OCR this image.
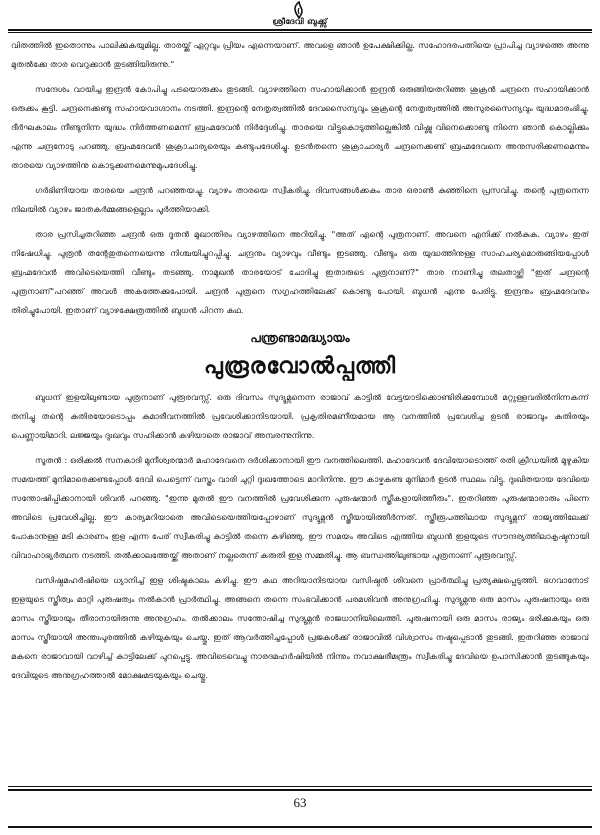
ശ്രീദേവി ബുക്ക്സ്

വിതത്തിൽ ഇതൊന്നും പാലിക്കുകയുമില്ല. താരയ്ക്ക് ഏറ്റവും പ്രിയം എന്നെയാണ്. അവളെ ഞാൻ ഉപേക്ഷിക്കില്ല. സഹോദരപത്നിയെ പ്രാപിച്ച വ്യാഴത്തെ അന്നു മുതൽക്കേ താര വെറുക്കാൻ തുടങ്ങിയിരുന്നു."

സന്ദേശം വായിച്ച ഇന്ദ്രൻ കോപിച്ചു പടയൊരുക്കം തുടങ്ങി. വ്യാഴത്തിനെ സഹായിക്കാൻ ഇന്ദ്രൻ ഒരുങ്ങിയതറിഞ്ഞ ശുക്രൻ ചന്ദ്രനെ സഹായിക്കാൻ ഒരുക്കം കൂട്ടി. ചന്ദ്രനെക്കണ്ടു സഹായവാഗ്ദാനം നടത്തി. ഇന്ദ്രന്റെ നേതൃത്വത്തിൽ ദേവസൈന്യവും ശുക്രന്റെ നേതൃത്വത്തിൽ അസുരസൈന്യവും യുദ്ധമാരംഭിച്ചു. ദീർഘകാലം നീണ്ടുനിന്ന യുദ്ധം നിർത്തണമെന്ന് ബ്രഹ്മദേവൻ നിർദ്ദേശിച്ചു. താരയെ വിട്ടുകൊടുത്തില്ലെങ്കിൽ വിഷ്ണു വിനെക്കൊണ്ടു നിന്നെ ഞാൻ കൊല്ലിക്കും എന്നു ചന്ദ്രനോടു പറഞ്ഞു. ബ്രഹ്മദേവൻ ശുക്രാചാര്യരെയും കണ്ടുപദേശിച്ചു. ഉടൻതന്നെ ശുക്രാചാര്യർ ചന്ദ്രനെക്കണ്ട് ബ്രഹ്മദേവനെ അനുസരിക്കണമെന്നും താരയെ വ്യാഴത്തിനു കൊടുക്കണമെന്നുമുപദേശിച്ചു.

ഗർഭിണിയായ താരയെ ചന്ദ്രൻ പറഞ്ഞയച്ചു. വ്യാഴം താരയെ സ്വീകരിച്ചു. ദിവസങ്ങൾക്കകം താര ഒരാൺ കുഞ്ഞിനെ പ്രസവിച്ചു. തന്റെ പുത്രനെന്ന നിലയിൽ വ്യാഴം ജാതകർമ്മങ്ങളെല്ലാം പൂർത്തിയാക്കി.

താര പ്രസിച്ചതറിഞ്ഞ ചന്ദ്രൻ ഒരു ദൂതൻ മുഖാന്തിരം വ്യാഴത്തിനെ അറിയിച്ചു. "അത് എന്റെ പുത്രനാണ്. അവനെ എനിക്ക് നൽകുക. വ്യാഴം ഇത് നിഷേധിച്ചു. പുത്രൻ തന്റേതുതന്നെയെന്നു നിശ്ചയിച്ചുറപ്പിച്ചു. ചന്ദ്രനും വ്യാഴവും വീണ്ടും ഇടഞ്ഞു. വീണ്ടും ഒരു യുദ്ധത്തിനുള്ള സാഹചര്യമൊരുങ്ങിയപ്പോൾ ബ്രഹ്മദേവൻ അവിടെയെത്തി വീണ്ടും തടഞ്ഞു. നാമുഖൻ താരയോട് ചോദിച്ചു ഇതാരുടെ പുത്രനാണ്?" താര നാണിച്ചു തലതാഴ്ത്തി "ഇത് ചന്ദ്രന്റെ പുത്രനാണ്"പറഞ്ഞ് അവൾ അകത്തേക്കുപോയി. ചന്ദ്രൻ പുത്രനെ സഗൃഹത്തിലേക്ക് കൊണ്ടു പോയി. ബുധൻ എന്നു പേരിട്ടു. ഇന്ദ്രനും ബ്രഹ്മദേവനും തിരിച്ചുപോയി. ഇതാണ് വ്യാഴക്ഷേത്രത്തിൽ ബുധൻ പിറന്ന കഥ.

പന്ത്രണ്ടാമദ്ധ്യായം
പുരൂരവോൽപ്പത്തി

ബുധന് ഇളയിലുണ്ടായ പുത്രനാണ് പുരൂരവസ്സ്. ഒരു ദിവസം സുദ്യുമ്നനെന്ന രാജാവ് കാട്ടിൽ വേട്ടയാടിക്കൊണ്ടിരിക്കുമ്പോൾ മറ്റുള്ളവരിൽനിന്നകന്ന് തനിച്ചു തന്റെ കുതിരയോടൊപ്പം കുമാരീവനത്തിൽ പ്രവേശിക്കാനിടയായി. പ്രകൃതിരമണീയമായ ആ വനത്തിൽ പ്രവേശിച്ച ഉടൻ രാജാവും കുതിരയും പെണ്ണായിമാറി. ലജ്ജയും ദുഃഖവും സഹിക്കാൻ കഴിയാതെ രാജാവ് അമ്പരന്നുനിന്നു.

സൂതൻ : ഒരിക്കൽ സനകാദി മുനീശ്വരന്മാർ മഹാദേവനെ ദർശിക്കാനായി ഈ വനത്തിലെത്തി. മഹാദേവൻ ദേവിയോടൊത്ത് രതി ക്രീഡയിൽ മുഴുകിയ സമയത്ത് മുനിമാരെക്കണ്ടപ്പോൾ ദേവി പെട്ടെന്ന് വസ്ത്രം വാരി ചുറ്റി ദുഃഖത്തോടെ മാറിനിന്നു. ഈ കാഴ്ചകണ്ട മുനിമാർ ഉടൻ സ്ഥലം വിട്ടു. ദുഃഖിതയായ ദേവിയെ സന്തോഷിപ്പിക്കാനായി ശിവൻ പറഞ്ഞു. "ഇന്നു മുതൽ ഈ വനത്തിൽ പ്രവേശിക്കുന്ന പുരുഷന്മാർ സ്ത്രീകളായിത്തീരും". ഇതറിഞ്ഞ പുരുഷന്മാരാരും പിന്നെ അവിടെ പ്രവേശിച്ചില്ല. ഈ കാര്യമറിയാതെ അവിടെയെത്തിയപ്പോഴാണ് സുദ്യുമ്നൻ സ്ത്രീയായിത്തീർന്നത്. സ്ത്രീരൂപത്തിലായ സുദ്യുമ്നന് രാജ്യത്തിലേക്ക് പോകാനുള്ള മടി കാരണം ഇള എന്ന പേര് സ്വീകരിച്ചു കാട്ടിൽ തന്നെ കഴിഞ്ഞു. ഈ സമയം അവിടെ എത്തിയ ബുധൻ ഇളയുടെ സൗന്ദര്യത്തിലാകൃഷ്ടനായി വിവാഹാഭ്യർത്ഥന നടത്തി. തൽക്കാലത്തേയ്ക്ക് അതാണ് നല്ലതെന്ന് കരുതി ഇള സമ്മതിച്ചു. ആ ബന്ധത്തിലുണ്ടായ പുത്രനാണ് പുരൂരവസ്സ്.

വസിഷ്ഠമഹർഷിയെ ധ്യാനിച്ച് ഇള ശിഷ്ടകാലം കഴിച്ചു. ഈ കഥ അറിയാനിടയായ വസിഷ്ഠൻ ശിവനെ പ്രാർത്ഥിച്ചു പ്രത്യക്ഷപ്പെടുത്തി. ഭഗവാനോട് ഇളയുടെ സ്ത്രീത്വം മാറ്റി പുരുഷത്വം നൽകാൻ പ്രാർത്ഥിച്ചു. അങ്ങനെ തന്നെ സംഭവിക്കാൻ പരമശിവൻ അനുഗ്രഹിച്ചു. സുദ്യുമ്നനു ഒരു മാസം പുരുഷനായും ഒരു മാസം സ്ത്രീയായും തീരാനായിരുന്നു അനുഗ്രഹം. തൽക്കാലം സന്തോഷിച്ച സുദ്യുമ്നൻ രാജധാനിയിലെത്തി. പുരുഷനായി ഒരു മാസം രാജ്യം ഭരിക്കുകയും ഒരു മാസം സ്ത്രീയായി അന്തഃപുരത്തിൽ കഴിയുകയും ചെയ്തു. ഇത് ആവർത്തിച്ചപ്പോൾ പ്രജകൾക്ക് രാജാവിൽ വിശ്വാസം നഷ്ടപ്പെടാൻ തുടങ്ങി. ഇതറിഞ്ഞ രാജാവ് മകനെ രാജാവായി വാഴിച്ച് കാട്ടിലേക്ക് പുറപ്പെട്ടു. അവിടെവെച്ചു നാരദമഹർഷിയിൽ നിന്നും നവാക്ഷരീമന്ത്രം സ്വീകരിച്ചു ദേവിയെ ഉപാസിക്കാൻ തുടങ്ങുകയും ദേവിയുടെ അനുഗ്രഹത്താൽ മോക്ഷമടയുകയും ചെയ്തു.

63
